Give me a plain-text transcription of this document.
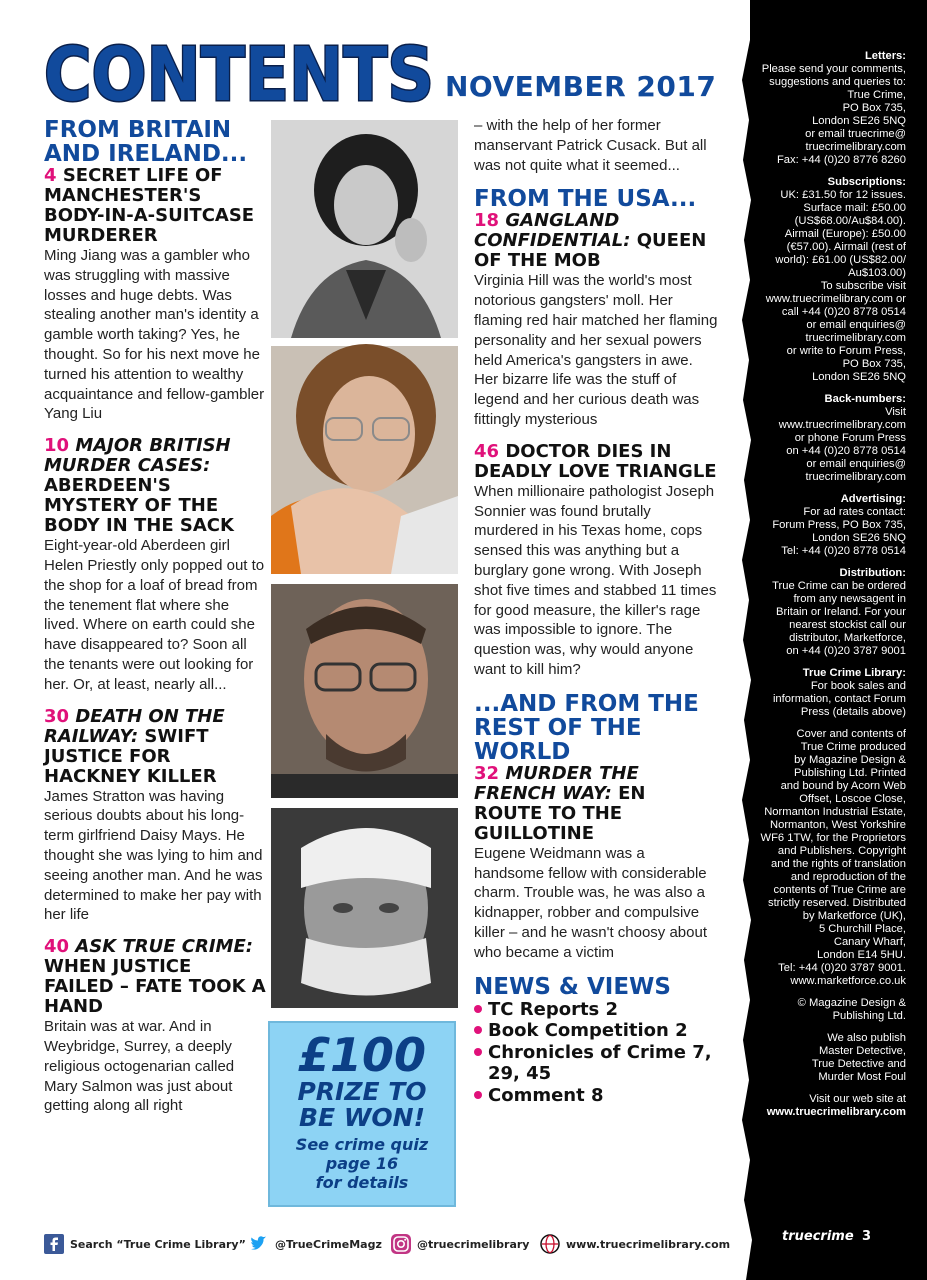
CONTENTS NOVEMBER 2017
FROM BRITAIN
AND IRELAND...
4 SECRET LIFE OF MANCHESTER'S BODY-IN-A-SUITCASE MURDERER
Ming Jiang was a gambler who was struggling with massive losses and huge debts. Was stealing another man's identity a gamble worth taking? Yes, he thought. So for his next move he turned his attention to wealthy acquaintance and fellow-gambler Yang Liu
10 MAJOR BRITISH MURDER CASES: ABERDEEN'S MYSTERY OF THE BODY IN THE SACK
Eight-year-old Aberdeen girl Helen Priestly only popped out to the shop for a loaf of bread from the tenement flat where she lived. Where on earth could she have disappeared to? Soon all the tenants were out looking for her. Or, at least, nearly all...
30 DEATH ON THE RAILWAY: SWIFT JUSTICE FOR HACKNEY KILLER
James Stratton was having serious doubts about his long-term girlfriend Daisy Mays. He thought she was lying to him and seeing another man. And he was determined to make her pay with her life
40 ASK TRUE CRIME: WHEN JUSTICE FAILED – FATE TOOK A HAND
Britain was at war. And in Weybridge, Surrey, a deeply religious octogenarian called Mary Salmon was just about getting along all right
£100
PRIZE TO
BE WON!
See crime quiz
page 16
for details
– with the help of her former manservant Patrick Cusack. But all was not quite what it seemed...
FROM THE USA...
18 GANGLAND CONFIDENTIAL: QUEEN OF THE MOB
Virginia Hill was the world's most notorious gangsters' moll. Her flaming red hair matched her flaming personality and her sexual powers held America's gangsters in awe. Her bizarre life was the stuff of legend and her curious death was fittingly mysterious
46 DOCTOR DIES IN DEADLY LOVE TRIANGLE
When millionaire pathologist Joseph Sonnier was found brutally murdered in his Texas home, cops sensed this was anything but a burglary gone wrong. With Joseph shot five times and stabbed 11 times for good measure, the killer's rage was impossible to ignore. The question was, why would anyone want to kill him?
...AND FROM THE REST OF THE WORLD
32 MURDER THE FRENCH WAY: EN ROUTE TO THE GUILLOTINE
Eugene Weidmann was a handsome fellow with considerable charm. Trouble was, he was also a kidnapper, robber and compulsive killer – and he wasn't choosy about who became a victim
NEWS & VIEWS
TC Reports 2
Book Competition 2
Chronicles of Crime 7, 29, 45
Comment 8
Letters:
Please send your comments,
suggestions and queries to:
True Crime,
PO Box 735,
London SE26 5NQ
or email truecrime@
truecrimelibrary.com
Fax: +44 (0)20 8776 8260
Subscriptions:
UK: £31.50 for 12 issues.
Surface mail: £50.00
(US$68.00/Au$84.00).
Airmail (Europe): £50.00
(€57.00). Airmail (rest of
world): £61.00 (US$82.00/
Au$103.00)
To subscribe visit
www.truecrimelibrary.com or
call +44 (0)20 8778 0514
or email enquiries@
truecrimelibrary.com
or write to Forum Press,
PO Box 735,
London SE26 5NQ
Back-numbers:
Visit
www.truecrimelibrary.com
or phone Forum Press
on +44 (0)20 8778 0514
or email enquiries@
truecrimelibrary.com
Advertising:
For ad rates contact:
Forum Press, PO Box 735,
London SE26 5NQ
Tel: +44 (0)20 8778 0514
Distribution:
True Crime can be ordered
from any newsagent in
Britain or Ireland. For your
nearest stockist call our
distributor, Marketforce,
on +44 (0)20 3787 9001
True Crime Library:
For book sales and
information, contact Forum
Press (details above)
Cover and contents of
True Crime produced
by Magazine Design &
Publishing Ltd. Printed
and bound by Acorn Web
Offset, Loscoe Close,
Normanton Industrial Estate,
Normanton, West Yorkshire
WF6 1TW, for the Proprietors
and Publishers. Copyright
and the rights of translation
and reproduction of the
contents of True Crime are
strictly reserved. Distributed
by Marketforce (UK),
5 Churchill Place,
Canary Wharf,
London E14 5HU.
Tel: +44 (0)20 3787 9001.
www.marketforce.co.uk
© Magazine Design &
Publishing Ltd.
We also publish
Master Detective,
True Detective and
Murder Most Foul
Visit our web site at
www.truecrimelibrary.com
truecrime 3
Search “True Crime Library”	@TrueCrimeMagz	@truecrimelibrary	www.truecrimelibrary.com
